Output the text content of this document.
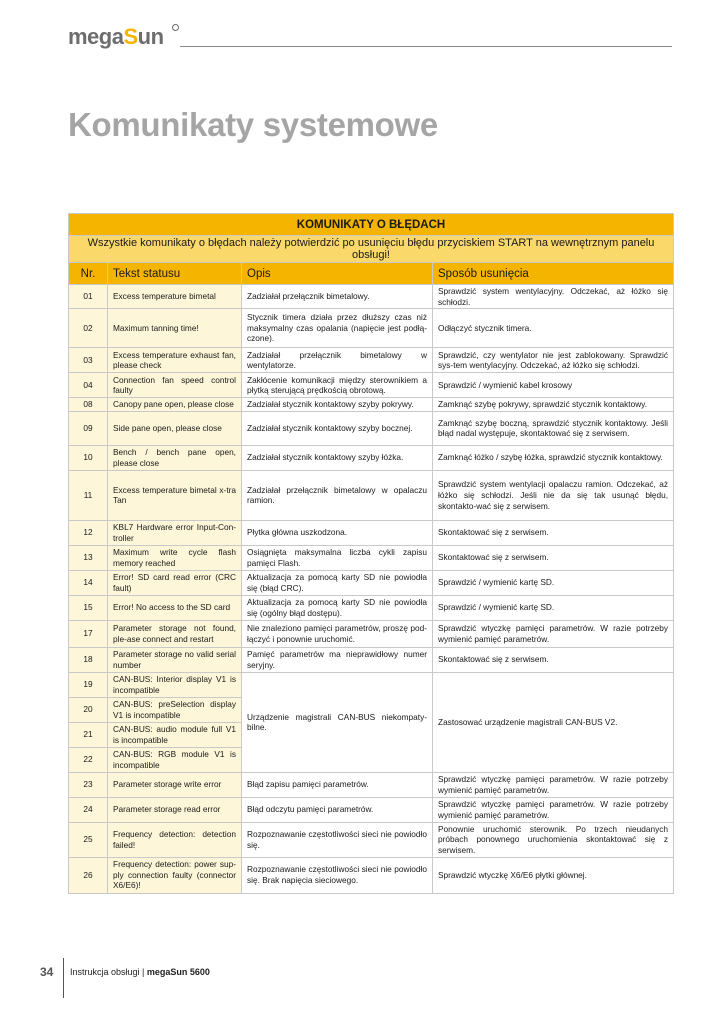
megaSun
Komunikaty systemowe
KOMUNIKATY O BŁĘDACH			
Wszystkie komunikaty o błędach należy potwierdzić po usunięciu błędu przyciskiem START na wewnętrznym panelu obsługi!			
Nr.	Tekst statusu	Opis	Sposób usunięcia
01	Excess temperature bimetal	Zadziałał przełącznik bimetalowy.	Sprawdzić system wentylacyjny. Odczekać, aż łóżko się schłodzi.
02	Maximum tanning time!	Stycznik timera działa przez dłuższy czas niż maksymalny czas opalania (napięcie jest podłą-czone).	Odłączyć stycznik timera.
03	Excess temperature exhaust fan, please check	Zadziałał przełącznik bimetalowy w wentylatorze.	Sprawdzić, czy wentylator nie jest zablokowany. Sprawdzić sys-tem wentylacyjny. Odczekać, aż łóżko się schłodzi.
04	Connection fan speed control faulty	Zakłócenie komunikacji między sterownikiem a płytką sterującą prędkością obrotową.	Sprawdzić / wymienić kabel krosowy
08	Canopy pane open, please close	Zadziałał stycznik kontaktowy szyby pokrywy.	Zamknąć szybę pokrywy, sprawdzić stycznik kontaktowy.
09	Side pane open, please close	Zadziałał stycznik kontaktowy szyby bocznej.	Zamknąć szybę boczną, sprawdzić stycznik kontaktowy. Jeśli błąd nadal występuje, skontaktować się z serwisem.
10	Bench / bench pane open, please close	Zadziałał stycznik kontaktowy szyby łóżka.	Zamknąć łóżko / szybę łóżka, sprawdzić stycznik kontaktowy.
11	Excess temperature bimetal x-tra Tan	Zadziałał przełącznik bimetalowy w opalaczu ramion.	Sprawdzić system wentylacji opalaczu ramion. Odczekać, aż łóżko się schłodzi. Jeśli nie da się tak usunąć błędu, skontakto-wać się z serwisem.
12	KBL7 Hardware error Input-Con-troller	Płytka główna uszkodzona.	Skontaktować się z serwisem.
13	Maximum write cycle flash memory reached	Osiągnięta maksymalna liczba cykli zapisu pamięci Flash.	Skontaktować się z serwisem.
14	Error! SD card read error (CRC fault)	Aktualizacja za pomocą karty SD nie powiodła się (błąd CRC).	Sprawdzić / wymienić kartę SD.
15	Error! No access to the SD card	Aktualizacja za pomocą karty SD nie powiodła się (ogólny błąd dostępu).	Sprawdzić / wymienić kartę SD.
17	Parameter storage not found, ple-ase connect and restart	Nie znaleziono pamięci parametrów, proszę pod-łączyć i ponownie uruchomić.	Sprawdzić wtyczkę pamięci parametrów. W razie potrzeby wymienić pamięć parametrów.
18	Parameter storage no valid serial number	Pamięć parametrów ma nieprawidłowy numer seryjny.	Skontaktować się z serwisem.
19	CAN-BUS: Interior display V1 is incompatible	Urządzenie magistrali CAN-BUS niekompaty-bilne.	Zastosować urządzenie magistrali CAN-BUS V2.
20	CAN-BUS: preSelection display V1 is incompatible		
21	CAN-BUS: audio module full V1 is incompatible		
22	CAN-BUS: RGB module V1 is incompatible		
23	Parameter storage write error	Błąd zapisu pamięci parametrów.	Sprawdzić wtyczkę pamięci parametrów. W razie potrzeby wymienić pamięć parametrów.
24	Parameter storage read error	Błąd odczytu pamięci parametrów.	Sprawdzić wtyczkę pamięci parametrów. W razie potrzeby wymienić pamięć parametrów.
25	Frequency detection: detection failed!	Rozpoznawanie częstotliwości sieci nie powiodło się.	Ponownie uruchomić sterownik. Po trzech nieudanych próbach ponownego uruchomienia skontaktować się z serwisem.
26	Frequency detection: power sup-ply connection faulty (connector X6/E6)!	Rozpoznawanie częstotliwości sieci nie powiodło się. Brak napięcia sieciowego.	Sprawdzić wtyczkę X6/E6 płytki głównej.
34 Instrukcja obsługi | megaSun 5600
